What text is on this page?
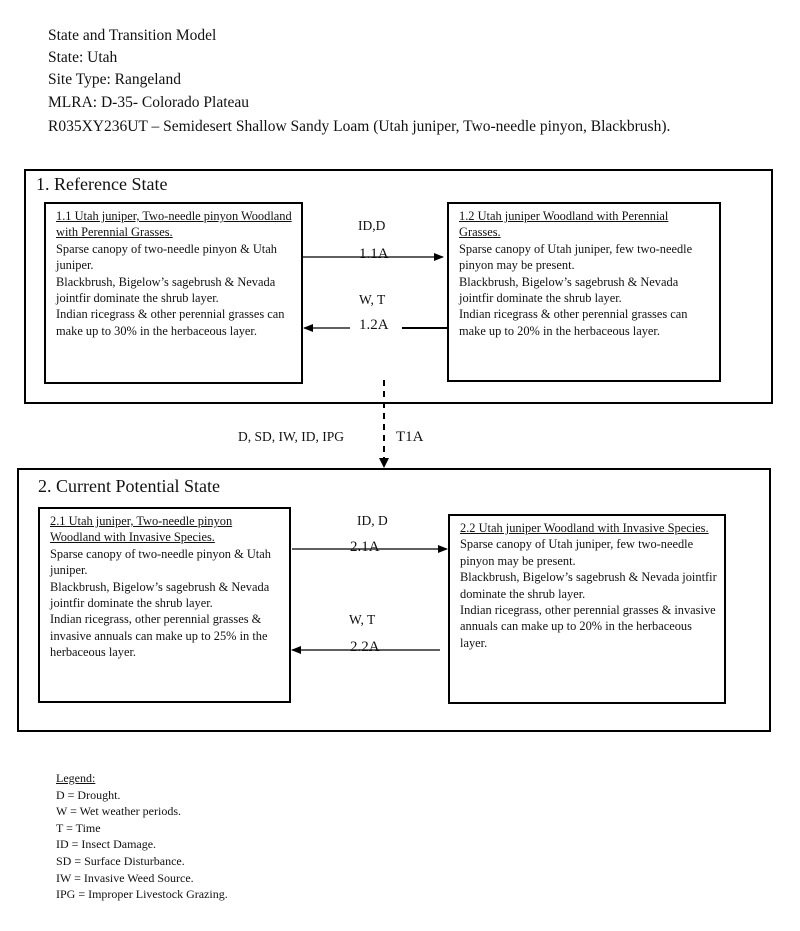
State and Transition Model
State: Utah
Site Type: Rangeland
MLRA: D-35- Colorado Plateau
R035XY236UT – Semidesert Shallow Sandy Loam (Utah juniper, Two-needle pinyon, Blackbrush).
1. Reference State
1.1 Utah juniper, Two-needle pinyon Woodland with Perennial Grasses.

Sparse canopy of two-needle pinyon & Utah juniper.

Blackbrush, Bigelow’s sagebrush & Nevada jointfir dominate the shrub layer.

Indian ricegrass & other perennial grasses can make up to 30% in the herbaceous layer.

1.2 Utah juniper Woodland with Perennial Grasses.

Sparse canopy of Utah juniper, few two-needle pinyon may be present.

Blackbrush, Bigelow’s sagebrush & Nevada jointfir dominate the shrub layer.

Indian ricegrass & other perennial grasses can make up to 20% in the herbaceous layer.

ID,D
1.1A
W, T
1.2A
D, SD, IW, ID, IPG	T1A
2. Current Potential State
2.1 Utah juniper, Two-needle pinyon Woodland with Invasive Species.

Sparse canopy of two-needle pinyon & Utah juniper.

Blackbrush, Bigelow’s sagebrush & Nevada jointfir dominate the shrub layer.

Indian ricegrass, other perennial grasses & invasive annuals can make up to 25% in the herbaceous layer.

2.2 Utah juniper Woodland with Invasive Species.

Sparse canopy of Utah juniper, few two-needle pinyon may be present.

Blackbrush, Bigelow’s sagebrush & Nevada jointfir dominate the shrub layer.

Indian ricegrass, other perennial grasses & invasive annuals can make up to 20% in the herbaceous layer.

ID, D
2.1A
W, T
2.2A
Legend:
D = Drought.
W = Wet weather periods.
T = Time
ID = Insect Damage.
SD = Surface Disturbance.
IW = Invasive Weed Source.
IPG = Improper Livestock Grazing.
